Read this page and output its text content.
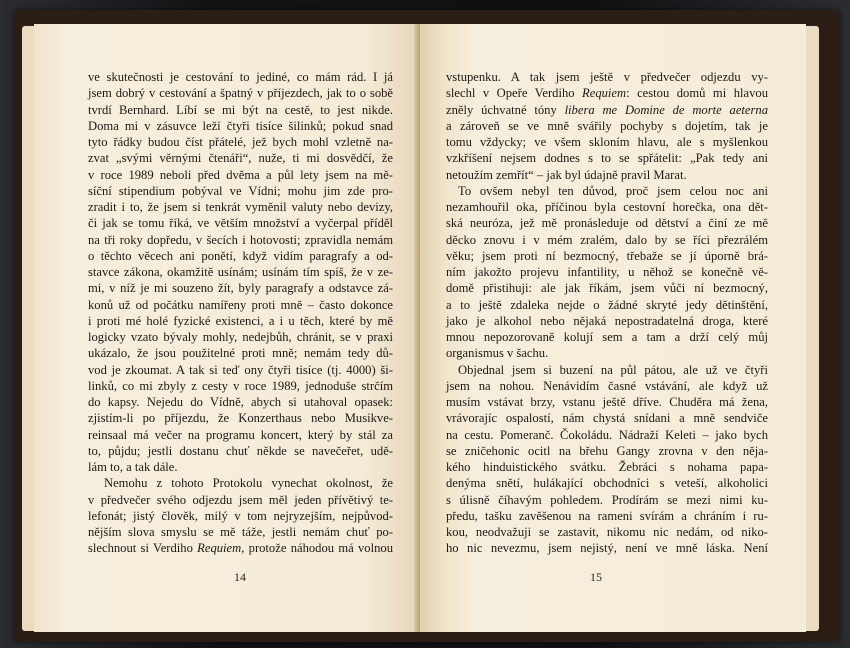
ve skutečnosti je cestování to jediné, co mám rád. I já
jsem dobrý v cestování a špatný v příjezdech, jak to o sobě
tvrdí Bernhard. Líbí se mi být na cestě, to jest nikde.
Doma mi v zásuvce leží čtyři tisíce šilinků; pokud snad
tyto řádky budou číst přátelé, jež bych mohl vzletně na-
zvat „svými věrnými čtenáři“, nuže, ti mi dosvědčí, že
v roce 1989 neboli před dvěma a půl lety jsem na mě-
síční stipendium pobýval ve Vídni; mohu jim zde pro-
zradit i to, že jsem si tenkrát vyměnil valuty nebo devizy,
či jak se tomu říká, ve větším množství a vyčerpal příděl
na tři roky dopředu, v šecích i hotovosti; zpravidla nemám
o těchto věcech ani ponětí, když vidím paragrafy a od-
stavce zákona, okamžitě usínám; usínám tím spíš, že v ze-
mi, v níž je mi souzeno žít, byly paragrafy a odstavce zá-
konů už od počátku namířeny proti mně – často dokonce
i proti mé holé fyzické existenci, a i u těch, které by mě
logicky vzato bývaly mohly, nedejbůh, chránit, se v praxi
ukázalo, že jsou použitelné proti mně; nemám tedy dů-
vod je zkoumat. A tak si teď ony čtyři tisíce (tj. 4000) ši-
linků, co mi zbyly z cesty v roce 1989, jednoduše strčím
do kapsy. Nejedu do Vídně, abych si utahoval opasek:
zjistím-li po příjezdu, že Konzerthaus nebo Musikve-
reinsaal má večer na programu koncert, který by stál za
to, půjdu; jestli dostanu chuť někde se navečeřet, udě-
lám to, a tak dále.
Nemohu z tohoto Protokolu vynechat okolnost, že
v předvečer svého odjezdu jsem měl jeden přívětivý te-
lefonát; jistý člověk, milý v tom nejryzejším, nejpůvod-
nějším slova smyslu se mě táže, jestli nemám chuť po-
slechnout si Verdiho Requiem, protože náhodou má volnou
14
vstupenku. A tak jsem ještě v předvečer odjezdu vy-
slechl v Opeře Verdiho Requiem: cestou domů mi hlavou
zněly úchvatné tóny libera me Domine de morte aeterna
a zároveň se ve mně svářily pochyby s dojetím, tak je
tomu vždycky; ve všem skloním hlavu, ale s myšlenkou
vzkříšení nejsem dodnes s to se spřátelit: „Pak tedy ani
netoužím zemřít“ – jak byl údajně pravil Marat.
To ovšem nebyl ten důvod, proč jsem celou noc ani
nezamhouřil oka, příčinou byla cestovní horečka, ona dět-
ská neuróza, jež mě pronásleduje od dětství a činí ze mě
děcko znovu i v mém zralém, dalo by se říci přezrálém
věku; jsem proti ní bezmocný, třebaže se jí úporně brá-
ním jakožto projevu infantility, u něhož se konečně vě-
domě přistihuji: ale jak říkám, jsem vůči ní bezmocný,
a to ještě zdaleka nejde o žádné skryté jedy dětinštění,
jako je alkohol nebo nějaká nepostradatelná droga, které
mnou nepozorovaně kolují sem a tam a drží celý můj
organismus v šachu.
Objednal jsem si buzení na půl pátou, ale už ve čtyři
jsem na nohou. Nenávidím časné vstávání, ale když už
musím vstávat brzy, vstanu ještě dříve. Chuděra má žena,
vrávorajíc ospalostí, nám chystá snídani a mně sendviče
na cestu. Pomeranč. Čokoládu. Nádraží Keleti – jako bych
se zničehonic ocitl na břehu Gangy zrovna v den něja-
kého hinduistického svátku. Žebráci s nohama papa-
denýma snětí, hulákající obchodníci s veteší, alkoholici
s úlisně číhavým pohledem. Prodírám se mezi nimi ku-
předu, tašku zavěšenou na rameni svírám a chráním i ru-
kou, neodvažuji se zastavit, nikomu nic nedám, od niko-
ho nic nevezmu, jsem nejistý, není ve mně láska. Není
15
